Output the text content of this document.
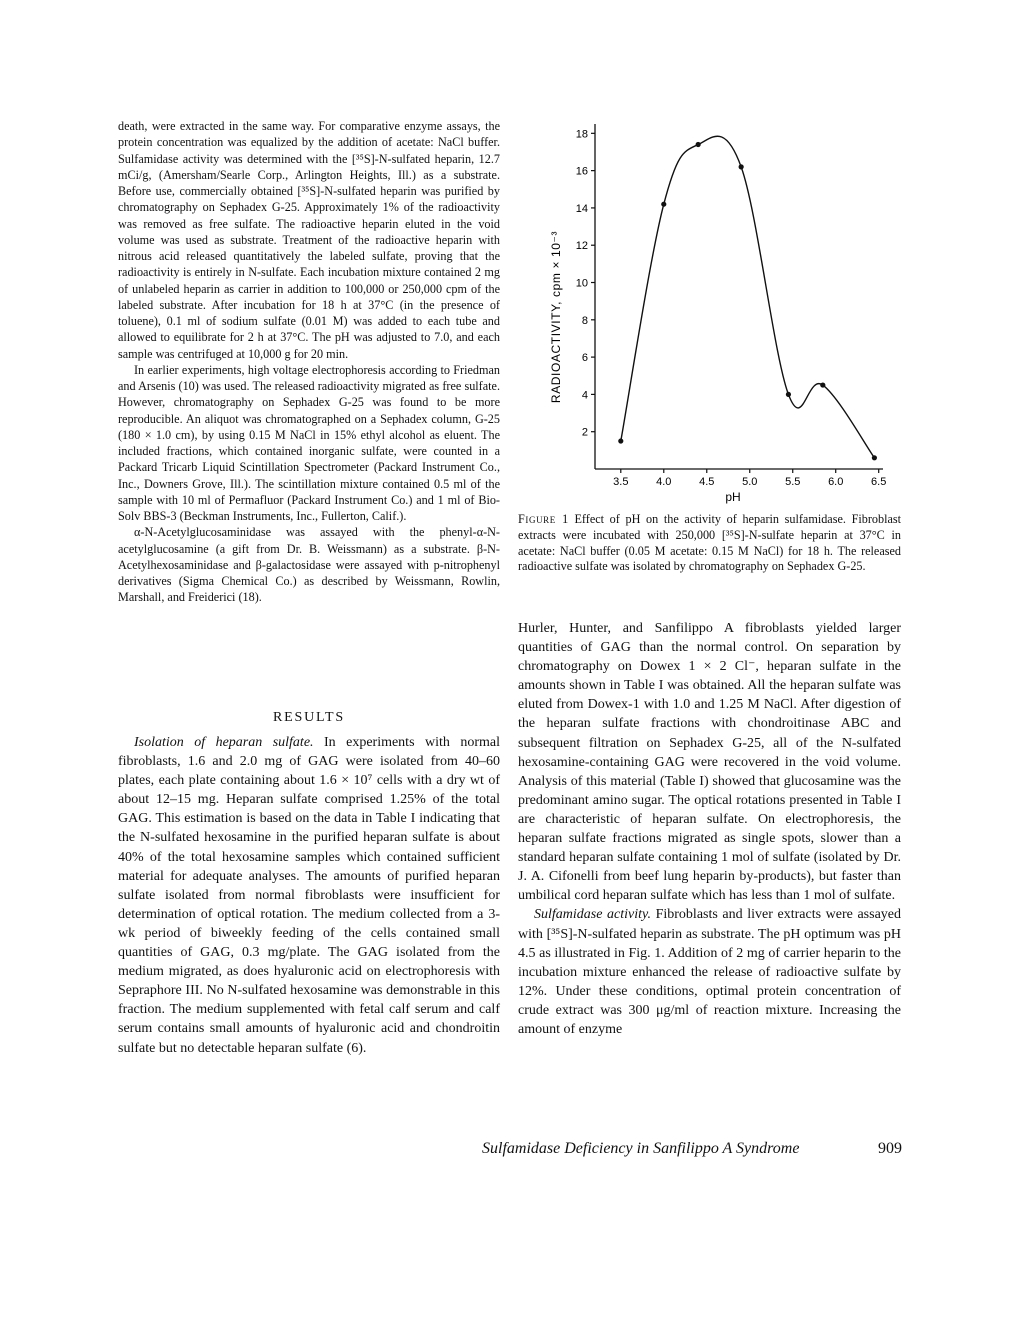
death, were extracted in the same way. For comparative enzyme assays, the protein concentration was equalized by the addition of acetate: NaCl buffer. Sulfamidase activity was determined with the [³⁵S]-N-sulfated heparin, 12.7 mCi/g, (Amersham/Searle Corp., Arlington Heights, Ill.) as a substrate. Before use, commercially obtained [³⁵S]-N-sulfated heparin was purified by chromatography on Sephadex G-25. Approximately 1% of the radioactivity was removed as free sulfate. The radioactive heparin eluted in the void volume was used as substrate. Treatment of the radioactive heparin with nitrous acid released quantitatively the labeled sulfate, proving that the radioactivity is entirely in N-sulfate. Each incubation mixture contained 2 mg of unlabeled heparin as carrier in addition to 100,000 or 250,000 cpm of the labeled substrate. After incubation for 18 h at 37°C (in the presence of toluene), 0.1 ml of sodium sulfate (0.01 M) was added to each tube and allowed to equilibrate for 2 h at 37°C. The pH was adjusted to 7.0, and each sample was centrifuged at 10,000 g for 20 min.

In earlier experiments, high voltage electrophoresis according to Friedman and Arsenis (10) was used. The released radioactivity migrated as free sulfate. However, chromatography on Sephadex G-25 was found to be more reproducible. An aliquot was chromatographed on a Sephadex column, G-25 (180 × 1.0 cm), by using 0.15 M NaCl in 15% ethyl alcohol as eluent. The included fractions, which contained inorganic sulfate, were counted in a Packard Tricarb Liquid Scintillation Spectrometer (Packard Instrument Co., Inc., Downers Grove, Ill.). The scintillation mixture contained 0.5 ml of the sample with 10 ml of Permafluor (Packard Instrument Co.) and 1 ml of Bio-Solv BBS-3 (Beckman Instruments, Inc., Fullerton, Calif.).

α-N-Acetylglucosaminidase was assayed with the phenyl-α-N-acetylglucosamine (a gift from Dr. B. Weissmann) as a substrate. β-N-Acetylhexosaminidase and β-galactosidase were assayed with p-nitrophenyl derivatives (Sigma Chemical Co.) as described by Weissmann, Rowlin, Marshall, and Freiderici (18).

RESULTS

Isolation of heparan sulfate. In experiments with normal fibroblasts, 1.6 and 2.0 mg of GAG were isolated from 40–60 plates, each plate containing about 1.6 × 10⁷ cells with a dry wt of about 12–15 mg. Heparan sulfate comprised 1.25% of the total GAG. This estimation is based on the data in Table I indicating that the N-sulfated hexosamine in the purified heparan sulfate is about 40% of the total hexosamine samples which contained sufficient material for adequate analyses. The amounts of purified heparan sulfate isolated from normal fibroblasts were insufficient for determination of optical rotation. The medium collected from a 3-wk period of biweekly feeding of the cells contained small quantities of GAG, 0.3 mg/plate. The GAG isolated from the medium migrated, as does hyaluronic acid on electrophoresis with Sepraphore III. No N-sulfated hexosamine was demonstrable in this fraction. The medium supplemented with fetal calf serum and calf serum contains small amounts of hyaluronic acid and chondroitin sulfate but no detectable heparan sulfate (6).

2
4
6
8
10
12
14
16
18
3.5	4.0	4.5	5.0	5.5	6.0	6.5
RADIOACTIVITY, cpm × 10⁻³
pH
Figure 1 Effect of pH on the activity of heparin sulfamidase. Fibroblast extracts were incubated with 250,000 [³⁵S]-N-sulfate heparin at 37°C in acetate: NaCl buffer (0.05 M acetate: 0.15 M NaCl) for 18 h. The released radioactive sulfate was isolated by chromatography on Sephadex G-25.

Hurler, Hunter, and Sanfilippo A fibroblasts yielded larger quantities of GAG than the normal control. On separation by chromatography on Dowex 1 × 2 Cl⁻, heparan sulfate in the amounts shown in Table I was obtained. All the heparan sulfate was eluted from Dowex-1 with 1.0 and 1.25 M NaCl. After digestion of the heparan sulfate fractions with chondroitinase ABC and subsequent filtration on Sephadex G-25, all of the N-sulfated hexosamine-containing GAG were recovered in the void volume. Analysis of this material (Table I) showed that glucosamine was the predominant amino sugar. The optical rotations presented in Table I are characteristic of heparan sulfate. On electrophoresis, the heparan sulfate fractions migrated as single spots, slower than a standard heparan sulfate containing 1 mol of sulfate (isolated by Dr. J. A. Cifonelli from beef lung heparin by-products), but faster than umbilical cord heparan sulfate which has less than 1 mol of sulfate.

Sulfamidase activity. Fibroblasts and liver extracts were assayed with [³⁵S]-N-sulfated heparin as substrate. The pH optimum was pH 4.5 as illustrated in Fig. 1. Addition of 2 mg of carrier heparin to the incubation mixture enhanced the release of radioactive sulfate by 12%. Under these conditions, optimal protein concentration of crude extract was 300 μg/ml of reaction mixture. Increasing the amount of enzyme

Sulfamidase Deficiency in Sanfilippo A Syndrome	909
